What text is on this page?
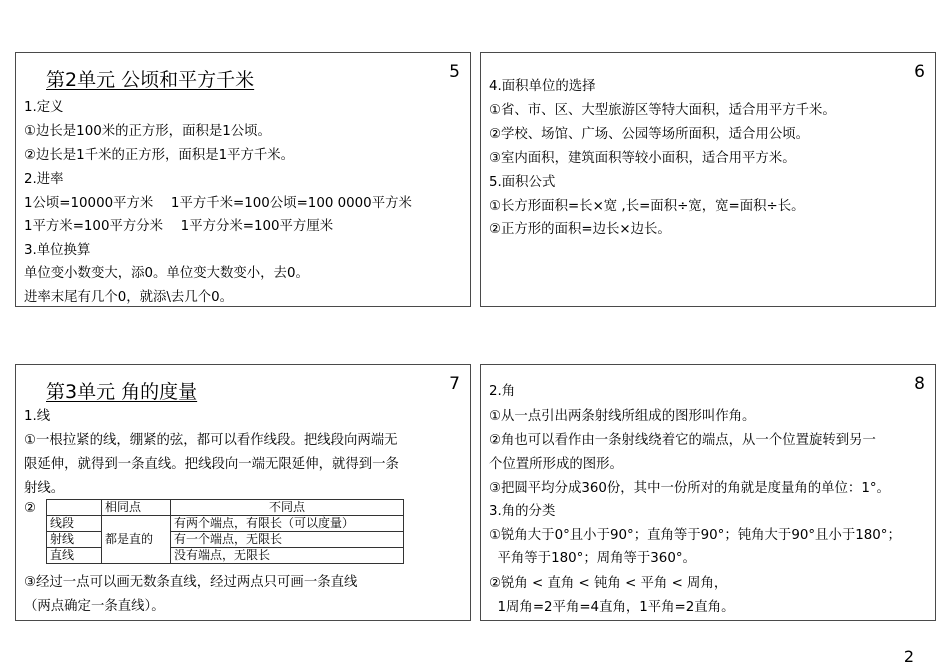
5
第2单元 公顷和平方千米
1.定义
①边长是100米的正方形，面积是1公顷。
②边长是1千米的正方形，面积是1平方千米。
2.进率
1公顷=10000平方米　 1平方千米=100公顷=100 0000平方米
1平方米=100平方分米　 1平方分米=100平方厘米
3.单位换算
单位变小数变大，添0。单位变大数变小，去0。
进率末尾有几个0，就添\去几个0。
6
4.面积单位的选择
①省、市、区、大型旅游区等特大面积，适合用平方千米。
②学校、场馆、广场、公园等场所面积，适合用公顷。
③室内面积，建筑面积等较小面积，适合用平方米。
5.面积公式
①长方形面积=长×宽 ,长=面积÷宽，宽=面积÷长。
②正方形的面积=边长×边长。
7
第3单元 角的度量
1.线
①一根拉紧的线，绷紧的弦，都可以看作线段。把线段向两端无
限延伸，就得到一条直线。把线段向一端无限延伸，就得到一条
射线。
②
		相同点	不同点
线段	都是直的	有两个端点，有限长（可以度量）
射线		有一个端点，无限长
直线		没有端点，无限长
③经过一点可以画无数条直线，经过两点只可画一条直线
（两点确定一条直线）。
8
2.角
①从一点引出两条射线所组成的图形叫作角。
②角也可以看作由一条射线绕着它的端点，从一个位置旋转到另一
个位置所形成的图形。
③把圆平均分成360份，其中一份所对的角就是度量角的单位：1°。
3.角的分类
①锐角大于0°且小于90°；直角等于90°；钝角大于90°且小于180°；
平角等于180°；周角等于360°。
②锐角 < 直角 < 钝角 < 平角 < 周角，
1周角=2平角=4直角，1平角=2直角。
2
